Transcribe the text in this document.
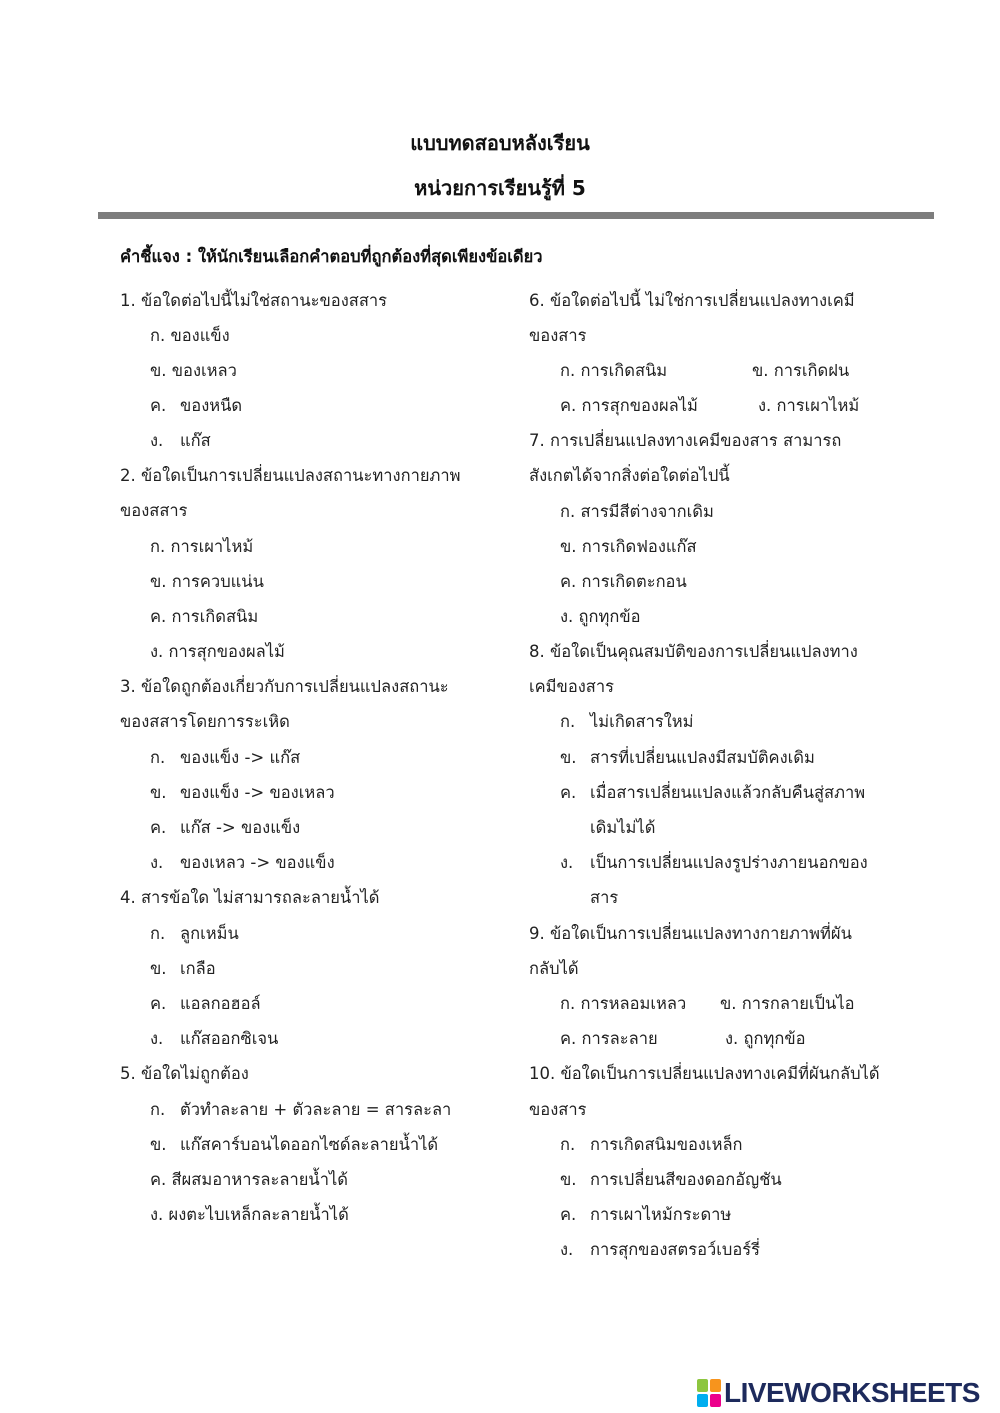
แบบทดสอบหลังเรียน
หน่วยการเรียนรู้ที่ 5
คำชี้แจง : ให้นักเรียนเลือกคำตอบที่ถูกต้องที่สุดเพียงข้อเดียว
1. ข้อใดต่อไปนี้ไม่ใช่สถานะของสสาร
ก. ของแข็ง
ข. ของเหลว
ค. ของหนืด
ง. แก๊ส
2. ข้อใดเป็นการเปลี่ยนแปลงสถานะทางกายภาพ
ของสสาร
ก. การเผาไหม้
ข. การควบแน่น
ค. การเกิดสนิม
ง. การสุกของผลไม้
3. ข้อใดถูกต้องเกี่ยวกับการเปลี่ยนแปลงสถานะ
ของสสารโดยการระเหิด
ก. ของแข็ง -> แก๊ส
ข. ของแข็ง -> ของเหลว
ค. แก๊ส -> ของแข็ง
ง. ของเหลว -> ของแข็ง
4. สารข้อใด ไม่สามารถละลายน้ำได้
ก. ลูกเหม็น
ข. เกลือ
ค. แอลกอฮอล์
ง. แก๊สออกซิเจน
5. ข้อใดไม่ถูกต้อง
ก. ตัวทำละลาย + ตัวละลาย = สารละลา
ข. แก๊สคาร์บอนไดออกไซด์ละลายน้ำได้
ค. สีผสมอาหารละลายน้ำได้
ง. ผงตะไบเหล็กละลายน้ำได้
6. ข้อใดต่อไปนี้ ไม่ใช่การเปลี่ยนแปลงทางเคมี
ของสาร
ก. การเกิดสนิม	ข. การเกิดฝน
ค. การสุกของผลไม้	ง. การเผาไหม้
7. การเปลี่ยนแปลงทางเคมีของสาร สามารถ
สังเกตได้จากสิ่งต่อใดต่อไปนี้
ก. สารมีสีต่างจากเดิม
ข. การเกิดฟองแก๊ส
ค. การเกิดตะกอน
ง. ถูกทุกข้อ
8. ข้อใดเป็นคุณสมบัติของการเปลี่ยนแปลงทาง
เคมีของสาร
ก. ไม่เกิดสารใหม่
ข. สารที่เปลี่ยนแปลงมีสมบัติคงเดิม
ค. เมื่อสารเปลี่ยนแปลงแล้วกลับคืนสู่สภาพ
เดิมไม่ได้
ง. เป็นการเปลี่ยนแปลงรูปร่างภายนอกของ
สาร
9. ข้อใดเป็นการเปลี่ยนแปลงทางกายภาพที่ผัน
กลับได้
ก. การหลอมเหลว ข. การกลายเป็นไอ
ค. การละลาย	ง. ถูกทุกข้อ
10. ข้อใดเป็นการเปลี่ยนแปลงทางเคมีที่ผันกลับได้
ของสาร
ก. การเกิดสนิมของเหล็ก
ข. การเปลี่ยนสีของดอกอัญชัน
ค. การเผาไหม้กระดาษ
ง. การสุกของสตรอว์เบอร์รี่
LIVEWORKSHEETS
